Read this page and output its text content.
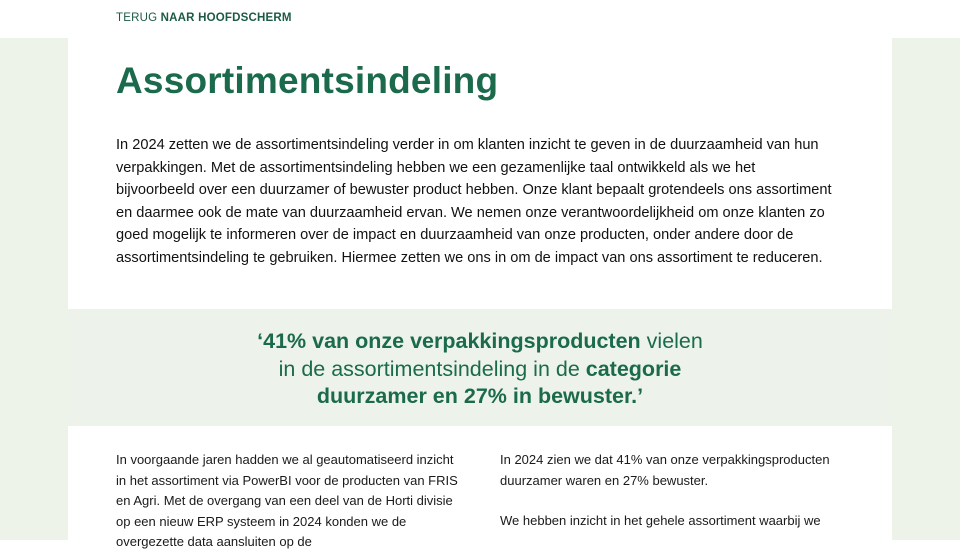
TERUG NAAR HOOFDSCHERM
Assortimentsindeling

In 2024 zetten we de assortimentsindeling verder in om klanten inzicht te geven in de duurzaamheid van hun verpakkingen. Met de assortimentsindeling hebben we een gezamenlijke taal ontwikkeld als we het bijvoorbeeld over een duurzamer of bewuster product hebben. Onze klant bepaalt grotendeels ons assortiment en daarmee ook de mate van duurzaamheid ervan. We nemen onze verantwoordelijkheid om onze klanten zo goed mogelijk te informeren over de impact en duurzaamheid van onze producten, onder andere door de assortimentsindeling te gebruiken. Hiermee zetten we ons in om de impact van ons assortiment te reduceren.

‘41% van onze verpakkingsproducten vielen
in de assortimentsindeling in de categorie
duurzamer en 27% in bewuster.’

In voorgaande jaren hadden we al geautomatiseerd inzicht in het assortiment via PowerBI voor de producten van FRIS en Agri. Met de overgang van een deel van de Horti divisie op een nieuw ERP systeem in 2024 konden we de overgezette data aansluiten op de

In 2024 zien we dat 41% van onze verpakkingsproducten duurzamer waren en 27% bewuster.

We hebben inzicht in het gehele assortiment waarbij we
